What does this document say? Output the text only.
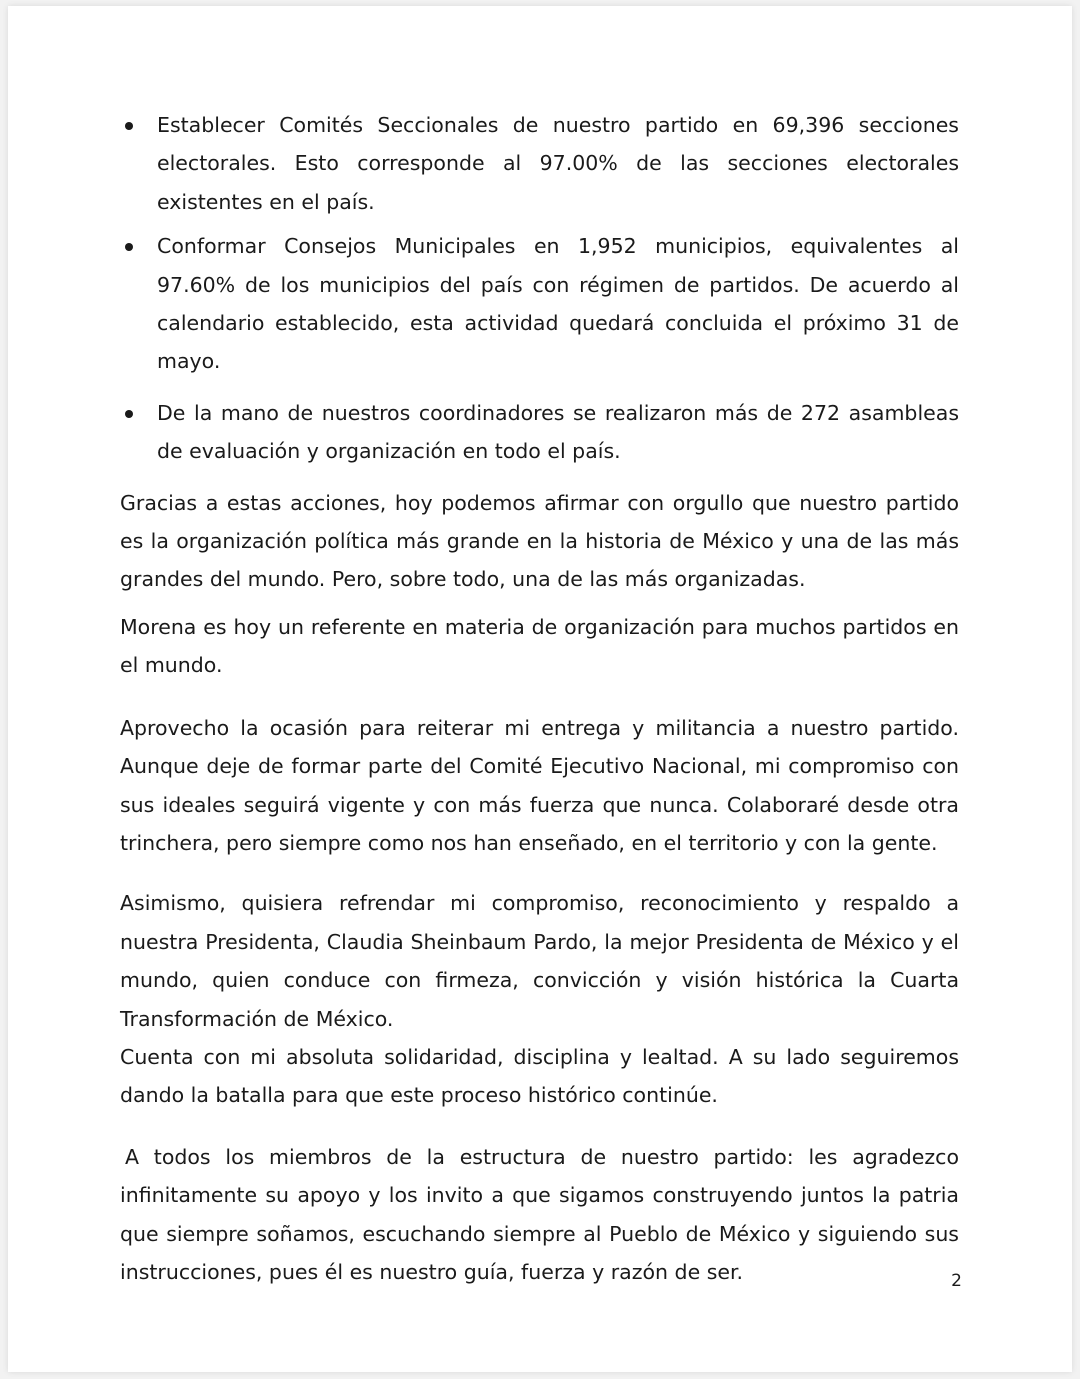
Establecer Comités Seccionales de nuestro partido en 69,396 secciones electorales. Esto corresponde al 97.00% de las secciones electorales existentes en el país.
Conformar Consejos Municipales en 1,952 municipios, equivalentes al 97.60% de los municipios del país con régimen de partidos. De acuerdo al calendario establecido, esta actividad quedará concluida el próximo 31 de mayo.
De la mano de nuestros coordinadores se realizaron más de 272 asambleas de evaluación y organización en todo el país.

Gracias a estas acciones, hoy podemos afirmar con orgullo que nuestro partido es la organización política más grande en la historia de México y una de las más grandes del mundo. Pero, sobre todo, una de las más organizadas.

Morena es hoy un referente en materia de organización para muchos partidos en el mundo.

Aprovecho la ocasión para reiterar mi entrega y militancia a nuestro partido. Aunque deje de formar parte del Comité Ejecutivo Nacional, mi compromiso con sus ideales seguirá vigente y con más fuerza que nunca. Colaboraré desde otra trinchera, pero siempre como nos han enseñado, en el territorio y con la gente.

Asimismo, quisiera refrendar mi compromiso, reconocimiento y respaldo a nuestra Presidenta, Claudia Sheinbaum Pardo, la mejor Presidenta de México y el mundo, quien conduce con firmeza, convicción y visión histórica la Cuarta Transformación de México.

Cuenta con mi absoluta solidaridad, disciplina y lealtad. A su lado seguiremos dando la batalla para que este proceso histórico continúe.

A todos los miembros de la estructura de nuestro partido: les agradezco infinitamente su apoyo y los invito a que sigamos construyendo juntos la patria que siempre soñamos, escuchando siempre al Pueblo de México y siguiendo sus instrucciones, pues él es nuestro guía, fuerza y razón de ser.	2
